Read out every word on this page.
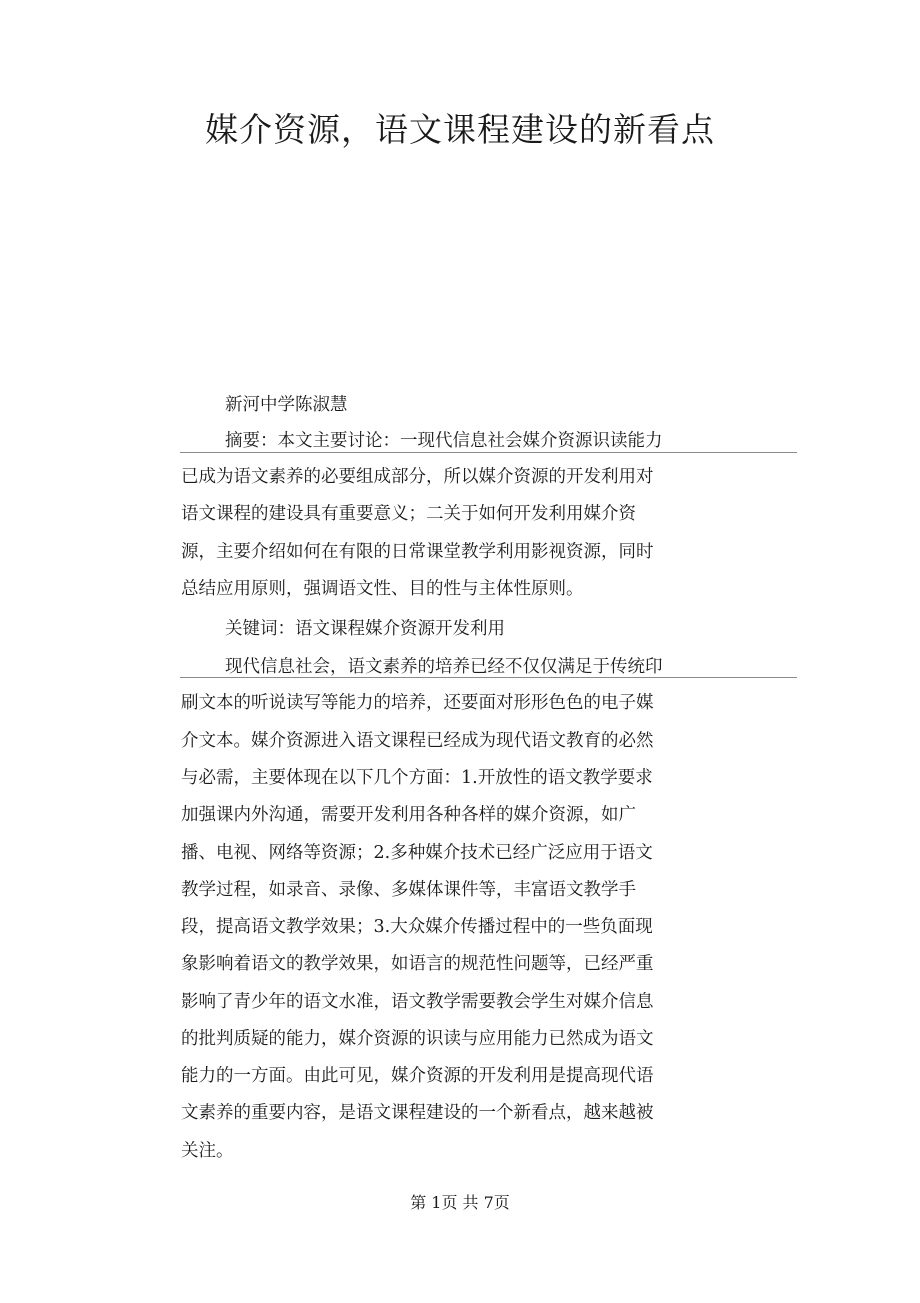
媒介资源，语文课程建设的新看点
新河中学陈淑慧
摘要：本文主要讨论：一现代信息社会媒介资源识读能力
已成为语文素养的必要组成部分，所以媒介资源的开发利用对
语文课程的建设具有重要意义；二关于如何开发利用媒介资
源，主要介绍如何在有限的日常课堂教学利用影视资源，同时
总结应用原则，强调语文性、目的性与主体性原则。
关键词：语文课程媒介资源开发利用
现代信息社会，语文素养的培养已经不仅仅满足于传统印
刷文本的听说读写等能力的培养，还要面对形形色色的电子媒
介文本。媒介资源进入语文课程已经成为现代语文教育的必然
与必需，主要体现在以下几个方面：1.开放性的语文教学要求
加强课内外沟通，需要开发利用各种各样的媒介资源，如广
播、电视、网络等资源；2.多种媒介技术已经广泛应用于语文
教学过程，如录音、录像、多媒体课件等，丰富语文教学手
段，提高语文教学效果；3.大众媒介传播过程中的一些负面现
象影响着语文的教学效果，如语言的规范性问题等，已经严重
影响了青少年的语文水准，语文教学需要教会学生对媒介信息
的批判质疑的能力，媒介资源的识读与应用能力已然成为语文
能力的一方面。由此可见，媒介资源的开发利用是提高现代语
文素养的重要内容，是语文课程建设的一个新看点，越来越被
关注。
第 1页 共 7页
